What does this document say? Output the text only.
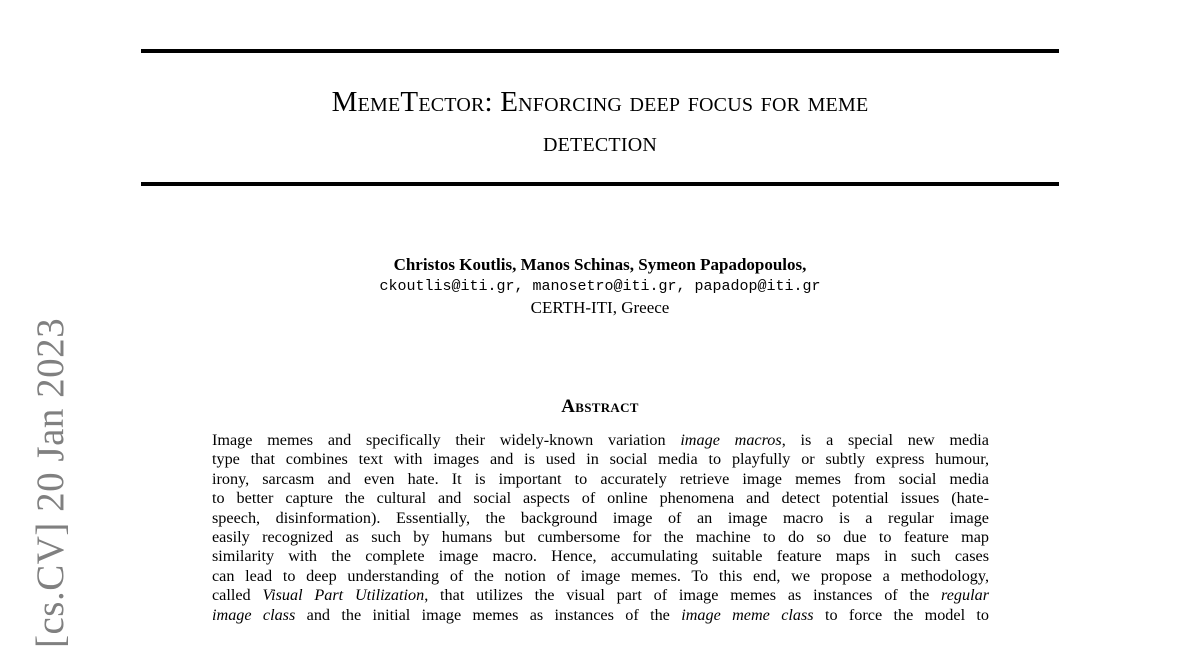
MemeTector: Enforcing deep focus for meme
detection
Christos Koutlis, Manos Schinas, Symeon Papadopoulos,
ckoutlis@iti.gr, manosetro@iti.gr, papadop@iti.gr
CERTH-ITI, Greece
Abstract
Image memes and specifically their widely-known variation image macros, is a special new media
type that combines text with images and is used in social media to playfully or subtly express humour,
irony, sarcasm and even hate. It is important to accurately retrieve image memes from social media
to better capture the cultural and social aspects of online phenomena and detect potential issues (hate-
speech, disinformation). Essentially, the background image of an image macro is a regular image
easily recognized as such by humans but cumbersome for the machine to do so due to feature map
similarity with the complete image macro. Hence, accumulating suitable feature maps in such cases
can lead to deep understanding of the notion of image memes. To this end, we propose a methodology,
called Visual Part Utilization, that utilizes the visual part of image memes as instances of the regular
image class and the initial image memes as instances of the image meme class to force the model to
[cs.CV] 20 Jan 2023
